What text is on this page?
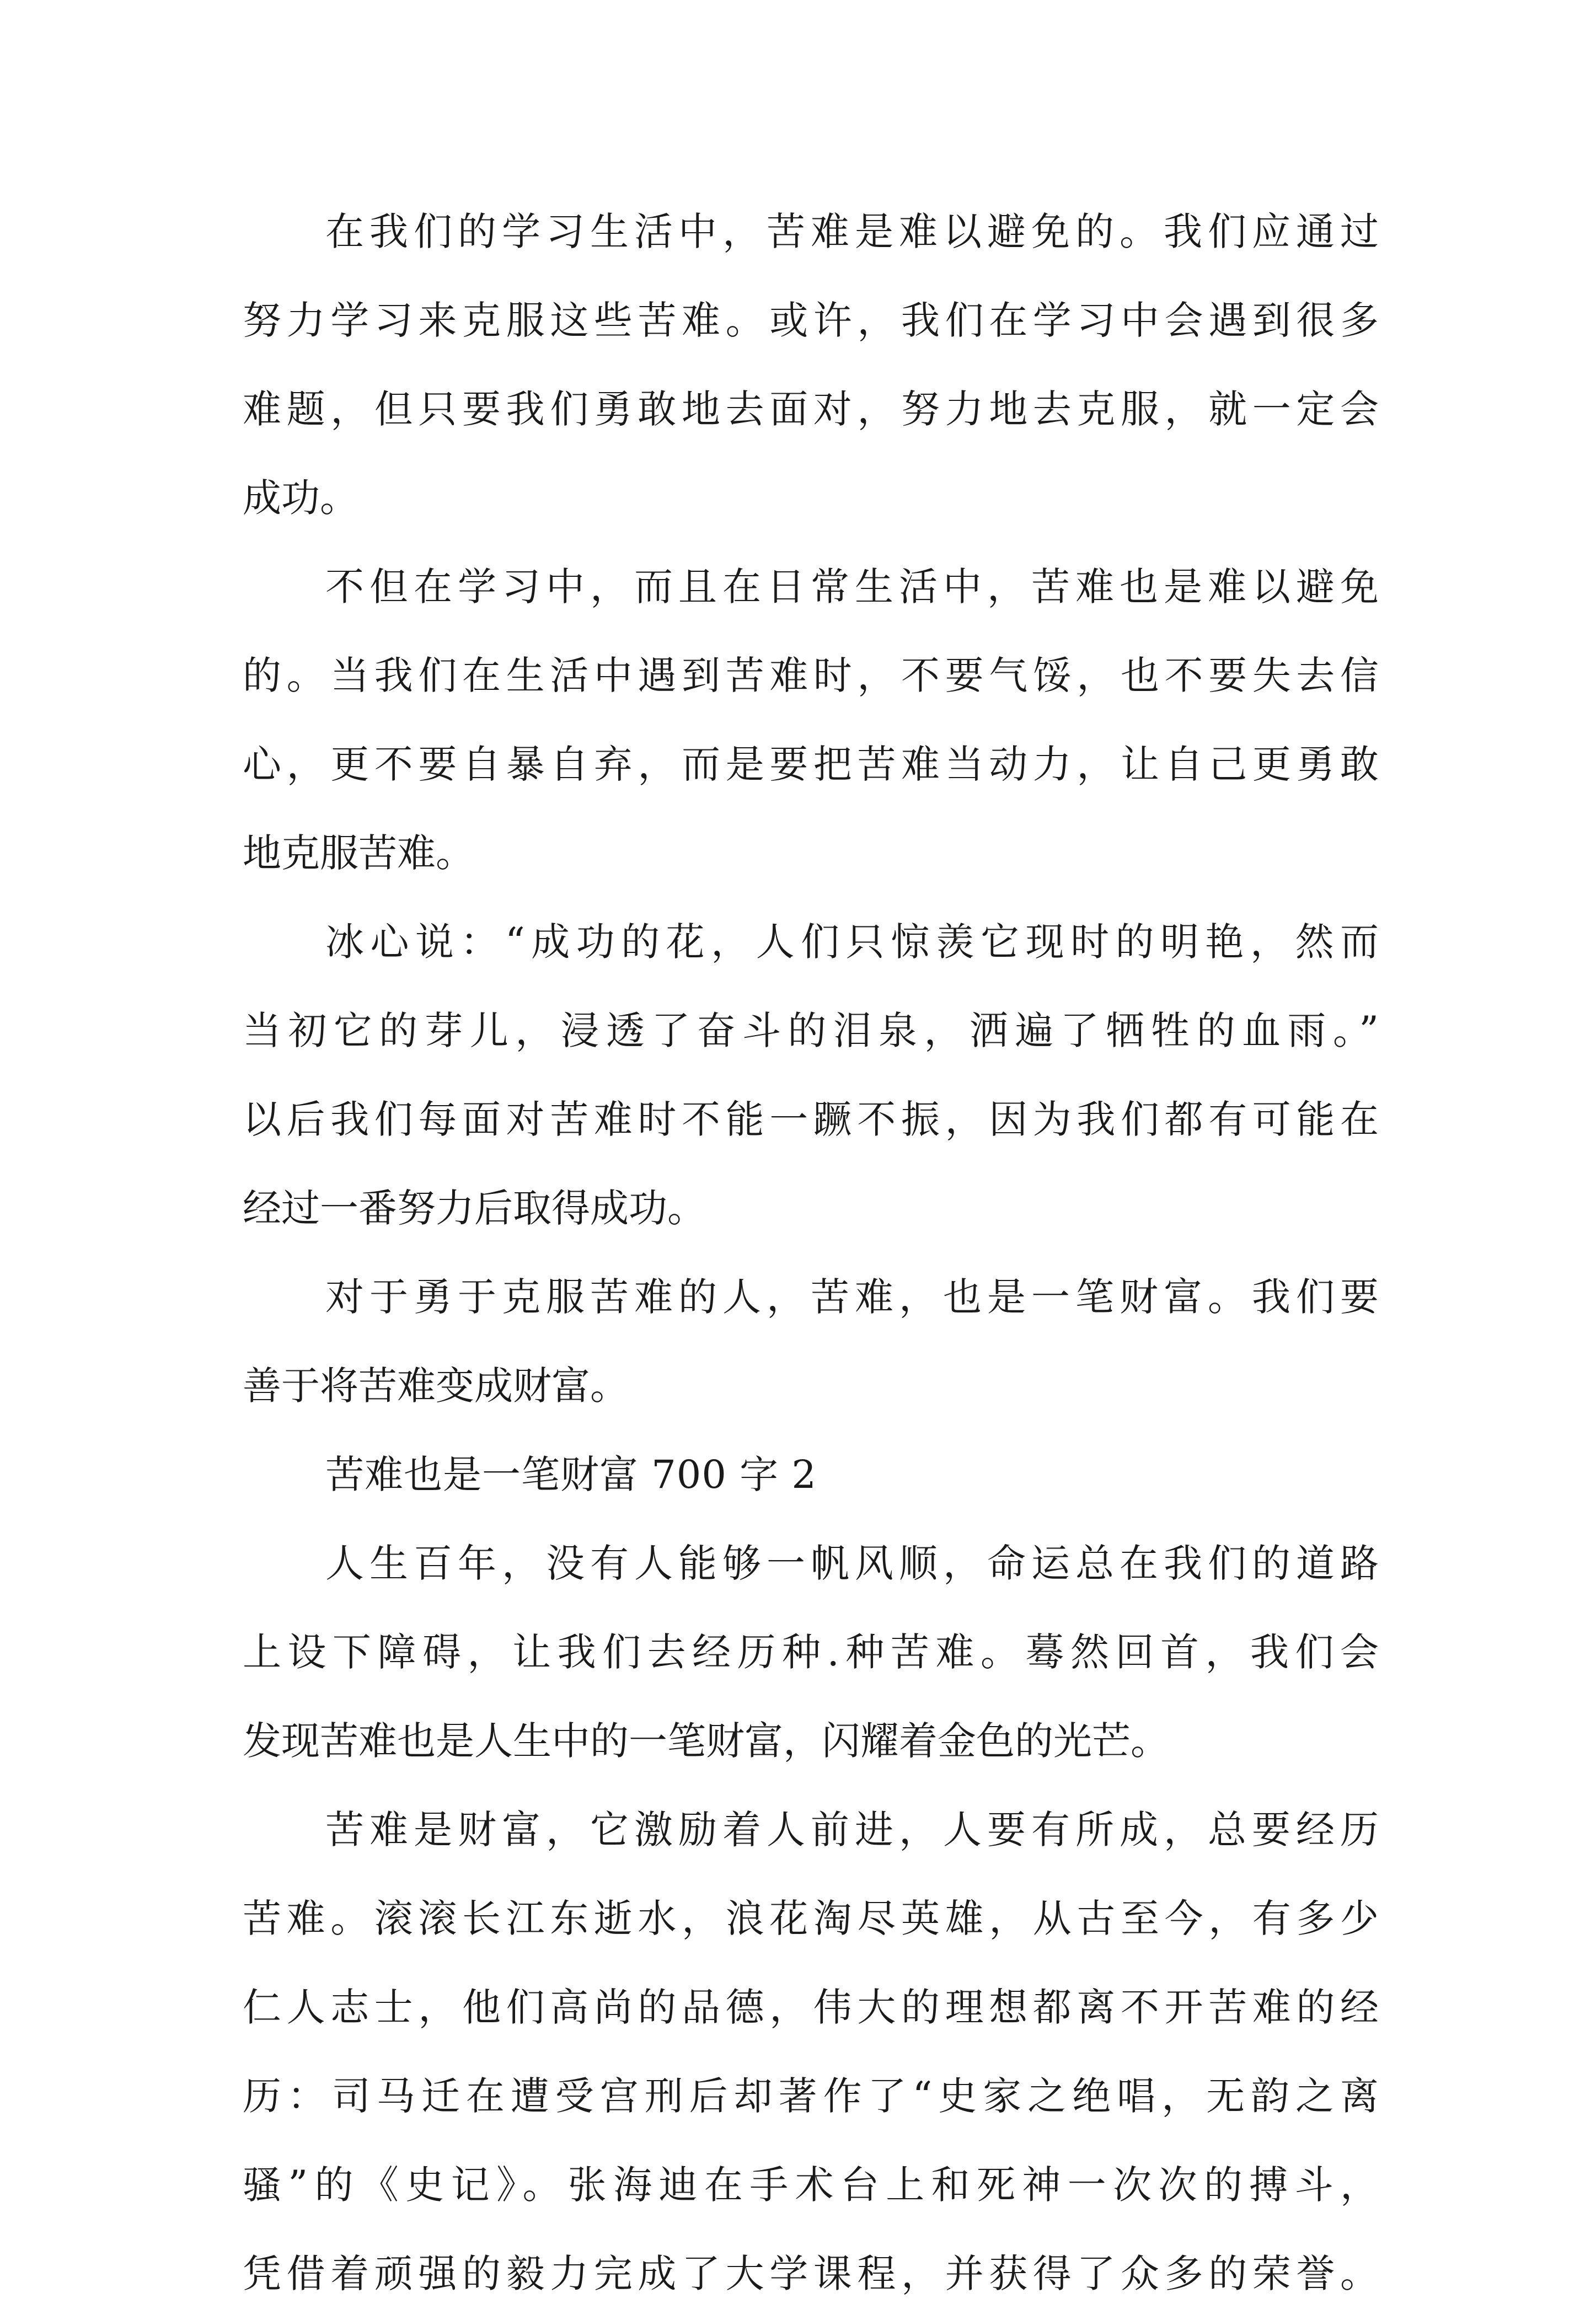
在我们的学习生活中，苦难是难以避免的。我们应通过
努力学习来克服这些苦难。或许，我们在学习中会遇到很多
难题，但只要我们勇敢地去面对，努力地去克服，就一定会
成功。
不但在学习中，而且在日常生活中，苦难也是难以避免
的。当我们在生活中遇到苦难时，不要气馁，也不要失去信
心，更不要自暴自弃，而是要把苦难当动力，让自己更勇敢
地克服苦难。
冰心说：“成功的花，人们只惊羡它现时的明艳，然而
当初它的芽儿，浸透了奋斗的泪泉，洒遍了牺牲的血雨。”
以后我们每面对苦难时不能一蹶不振，因为我们都有可能在
经过一番努力后取得成功。
对于勇于克服苦难的人，苦难，也是一笔财富。我们要
善于将苦难变成财富。
苦难也是一笔财富 700 字 2
人生百年，没有人能够一帆风顺，命运总在我们的道路
上设下障碍，让我们去经历种.种苦难。蓦然回首，我们会
发现苦难也是人生中的一笔财富，闪耀着金色的光芒。
苦难是财富，它激励着人前进，人要有所成，总要经历
苦难。滚滚长江东逝水，浪花淘尽英雄，从古至今，有多少
仁人志士，他们高尚的品德，伟大的理想都离不开苦难的经
历：司马迁在遭受宫刑后却著作了“史家之绝唱，无韵之离
骚”的《史记》。张海迪在手术台上和死神一次次的搏斗，
凭借着顽强的毅力完成了大学课程，并获得了众多的荣誉。
